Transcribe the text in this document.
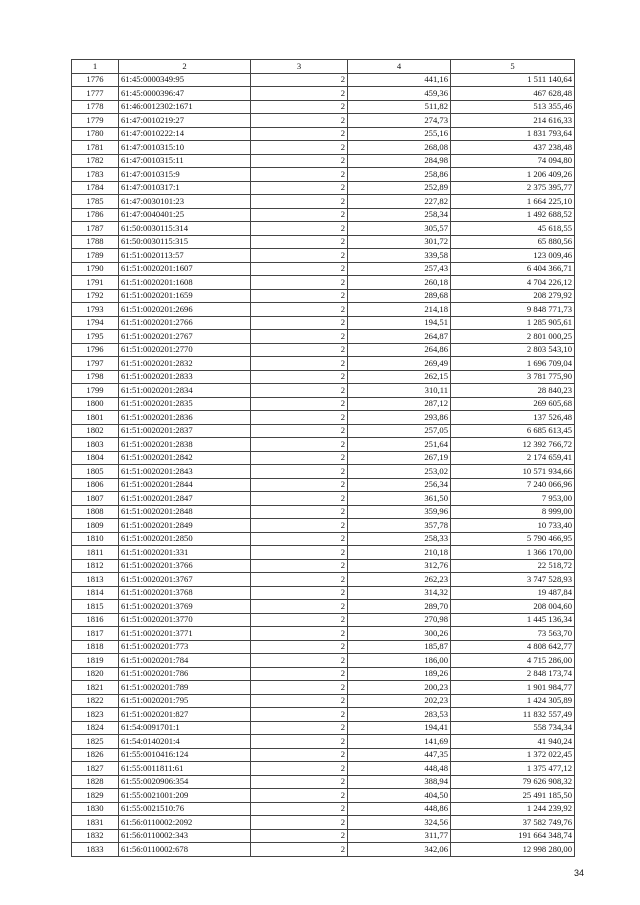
1	2	3	4	5
1776	61:45:0000349:95	2	441,16	1 511 140,64
1777	61:45:0000396:47	2	459,36	467 628,48
1778	61:46:0012302:1671	2	511,82	513 355,46
1779	61:47:0010219:27	2	274,73	214 616,33
1780	61:47:0010222:14	2	255,16	1 831 793,64
1781	61:47:0010315:10	2	268,08	437 238,48
1782	61:47:0010315:11	2	284,98	74 094,80
1783	61:47:0010315:9	2	258,86	1 206 409,26
1784	61:47:0010317:1	2	252,89	2 375 395,77
1785	61:47:0030101:23	2	227,82	1 664 225,10
1786	61:47:0040401:25	2	258,34	1 492 688,52
1787	61:50:0030115:314	2	305,57	45 618,55
1788	61:50:0030115:315	2	301,72	65 880,56
1789	61:51:0020113:57	2	339,58	123 009,46
1790	61:51:0020201:1607	2	257,43	6 404 366,71
1791	61:51:0020201:1608	2	260,18	4 704 226,12
1792	61:51:0020201:1659	2	289,68	208 279,92
1793	61:51:0020201:2696	2	214,18	9 848 771,73
1794	61:51:0020201:2766	2	194,51	1 285 905,61
1795	61:51:0020201:2767	2	264,87	2 801 000,25
1796	61:51:0020201:2770	2	264,86	2 803 543,10
1797	61:51:0020201:2832	2	269,49	1 696 709,04
1798	61:51:0020201:2833	2	262,15	3 781 775,90
1799	61:51:0020201:2834	2	310,11	28 840,23
1800	61:51:0020201:2835	2	287,12	269 605,68
1801	61:51:0020201:2836	2	293,86	137 526,48
1802	61:51:0020201:2837	2	257,05	6 685 613,45
1803	61:51:0020201:2838	2	251,64	12 392 766,72
1804	61:51:0020201:2842	2	267,19	2 174 659,41
1805	61:51:0020201:2843	2	253,02	10 571 934,66
1806	61:51:0020201:2844	2	256,34	7 240 066,96
1807	61:51:0020201:2847	2	361,50	7 953,00
1808	61:51:0020201:2848	2	359,96	8 999,00
1809	61:51:0020201:2849	2	357,78	10 733,40
1810	61:51:0020201:2850	2	258,33	5 790 466,95
1811	61:51:0020201:331	2	210,18	1 366 170,00
1812	61:51:0020201:3766	2	312,76	22 518,72
1813	61:51:0020201:3767	2	262,23	3 747 528,93
1814	61:51:0020201:3768	2	314,32	19 487,84
1815	61:51:0020201:3769	2	289,70	208 004,60
1816	61:51:0020201:3770	2	270,98	1 445 136,34
1817	61:51:0020201:3771	2	300,26	73 563,70
1818	61:51:0020201:773	2	185,87	4 808 642,77
1819	61:51:0020201:784	2	186,00	4 715 286,00
1820	61:51:0020201:786	2	189,26	2 848 173,74
1821	61:51:0020201:789	2	200,23	1 901 984,77
1822	61:51:0020201:795	2	202,23	1 424 305,89
1823	61:51:0020201:827	2	283,53	11 832 557,49
1824	61:54:0091701:1	2	194,41	558 734,34
1825	61:54:0140201:4	2	141,69	41 940,24
1826	61:55:0010416:124	2	447,35	1 372 022,45
1827	61:55:0011811:61	2	448,48	1 375 477,12
1828	61:55:0020906:354	2	388,94	79 626 908,32
1829	61:55:0021001:209	2	404,50	25 491 185,50
1830	61:55:0021510:76	2	448,86	1 244 239,92
1831	61:56:0110002:2092	2	324,56	37 582 749,76
1832	61:56:0110002:343	2	311,77	191 664 348,74
1833	61:56:0110002:678	2	342,06	12 998 280,00
34
